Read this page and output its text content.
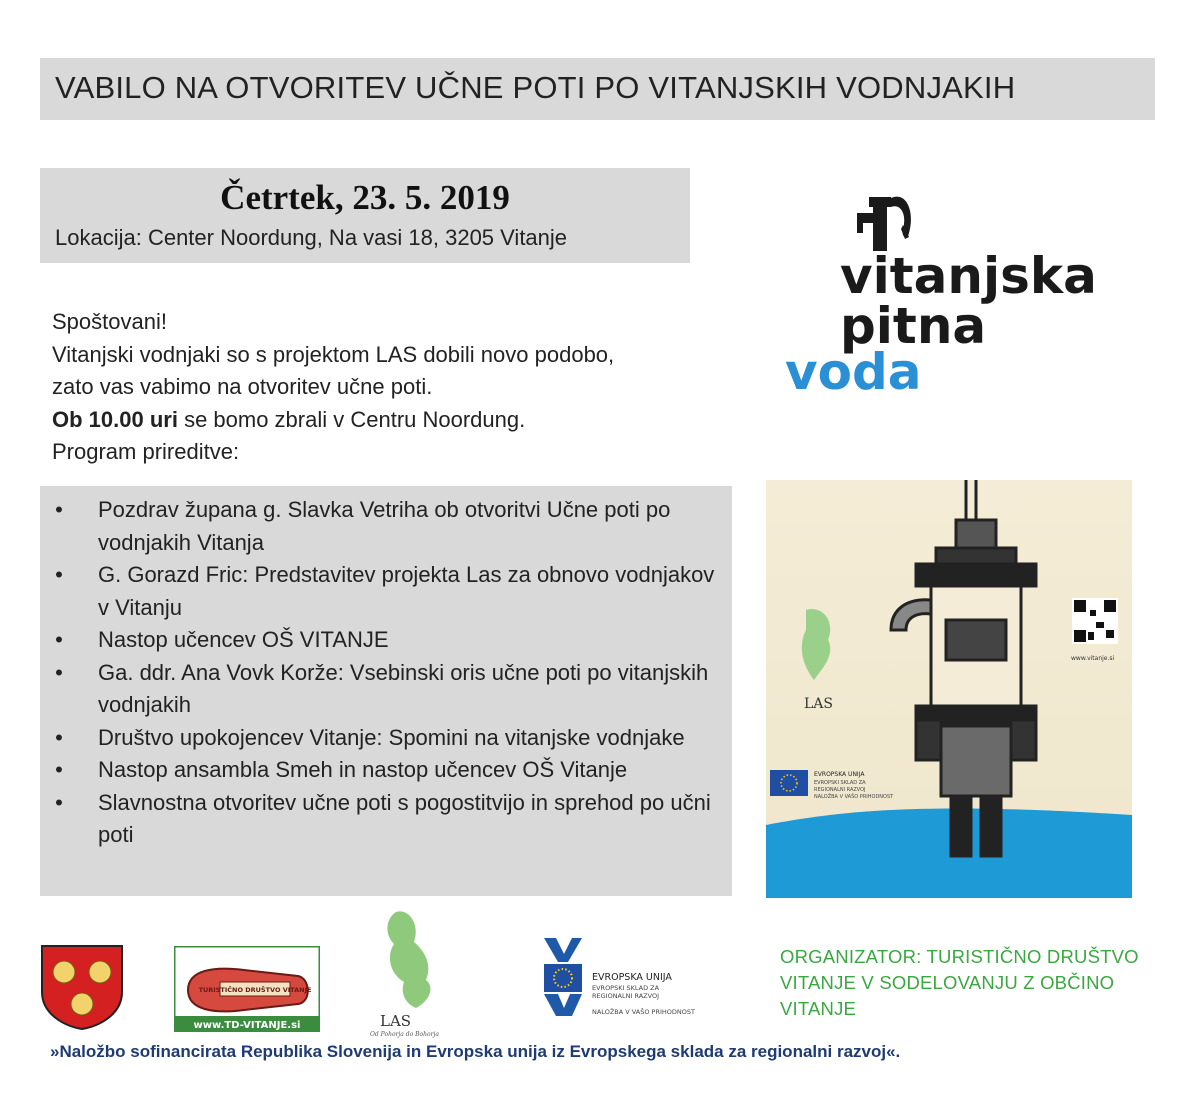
VABILO NA OTVORITEV UČNE POTI PO VITANJSKIH VODNJAKIH
Četrtek, 23. 5. 2019
Lokacija: Center Noordung, Na vasi 18, 3205 Vitanje
Spoštovani!
Vitanjski vodnjaki so s projektom LAS dobili novo podobo,
zato vas vabimo na otvoritev učne poti.
Ob 10.00 uri se bomo zbrali v Centru Noordung.
Program prireditve:
• Pozdrav župana g. Slavka Vetriha ob otvoritvi Učne poti po vodnjakih Vitanja
• G. Gorazd Fric: Predstavitev projekta Las za obnovo vodnjakov v Vitanju
• Nastop učencev OŠ VITANJE
• Ga. ddr. Ana Vovk Korže: Vsebinski oris učne poti po vitanjskih vodnjakih
• Društvo upokojencev Vitanje: Spomini na vitanjske vodnjake
• Nastop ansambla Smeh in nastop učencev OŠ Vitanje
• Slavnostna otvoritev učne poti s pogostitvijo in sprehod po učni poti
vitanjska
pitna
voda
www.vitanje.si
LAS
EVROPSKA UNIJA
EVROPSKI SKLAD ZA
REGIONALNI RAZVOJ
NALOŽBA V VAŠO PRIHODNOST
TURISTIČNO DRUŠTVO VITANJE
www.TD-VITANJE.si	LAS
Od Pohorja do Bohorja
EVROPSKA UNIJA
EVROPSKI SKLAD ZA
REGIONALNI RAZVOJ
NALOŽBA V VAŠO PRIHODNOST
ORGANIZATOR: TURISTIČNO DRUŠTVO VITANJE V SODELOVANJU Z OBČINO VITANJE
»Naložbo sofinancirata Republika Slovenija in Evropska unija iz Evropskega sklada za regionalni razvoj«.
